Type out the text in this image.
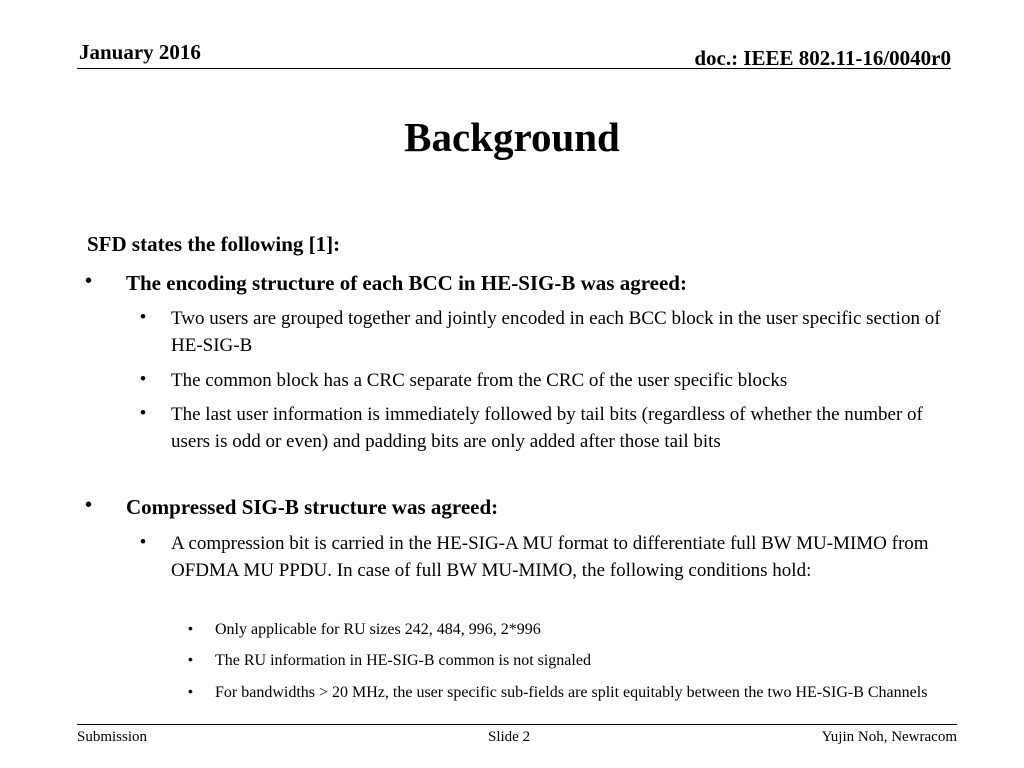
January 2016	doc.: IEEE 802.11-16/0040r0
Background
SFD states the following [1]:
• The encoding structure of each BCC in HE-SIG-B was agreed:
• Two users are grouped together and jointly encoded in each BCC block in the user specific section of HE-SIG-B
• The common block has a CRC separate from the CRC of the user specific blocks
• The last user information is immediately followed by tail bits (regardless of whether the number of users is odd or even) and padding bits are only added after those tail bits
• Compressed SIG-B structure was agreed:
• A compression bit is carried in the HE-SIG-A MU format to differentiate full BW MU-MIMO from OFDMA MU PPDU. In case of full BW MU-MIMO, the following conditions hold:
• Only applicable for RU sizes 242, 484, 996, 2*996
• The RU information in HE-SIG-B common is not signaled
• For bandwidths > 20 MHz, the user specific sub-fields are split equitably between the two HE-SIG-B Channels
Submission	Slide 2	Yujin Noh, Newracom
